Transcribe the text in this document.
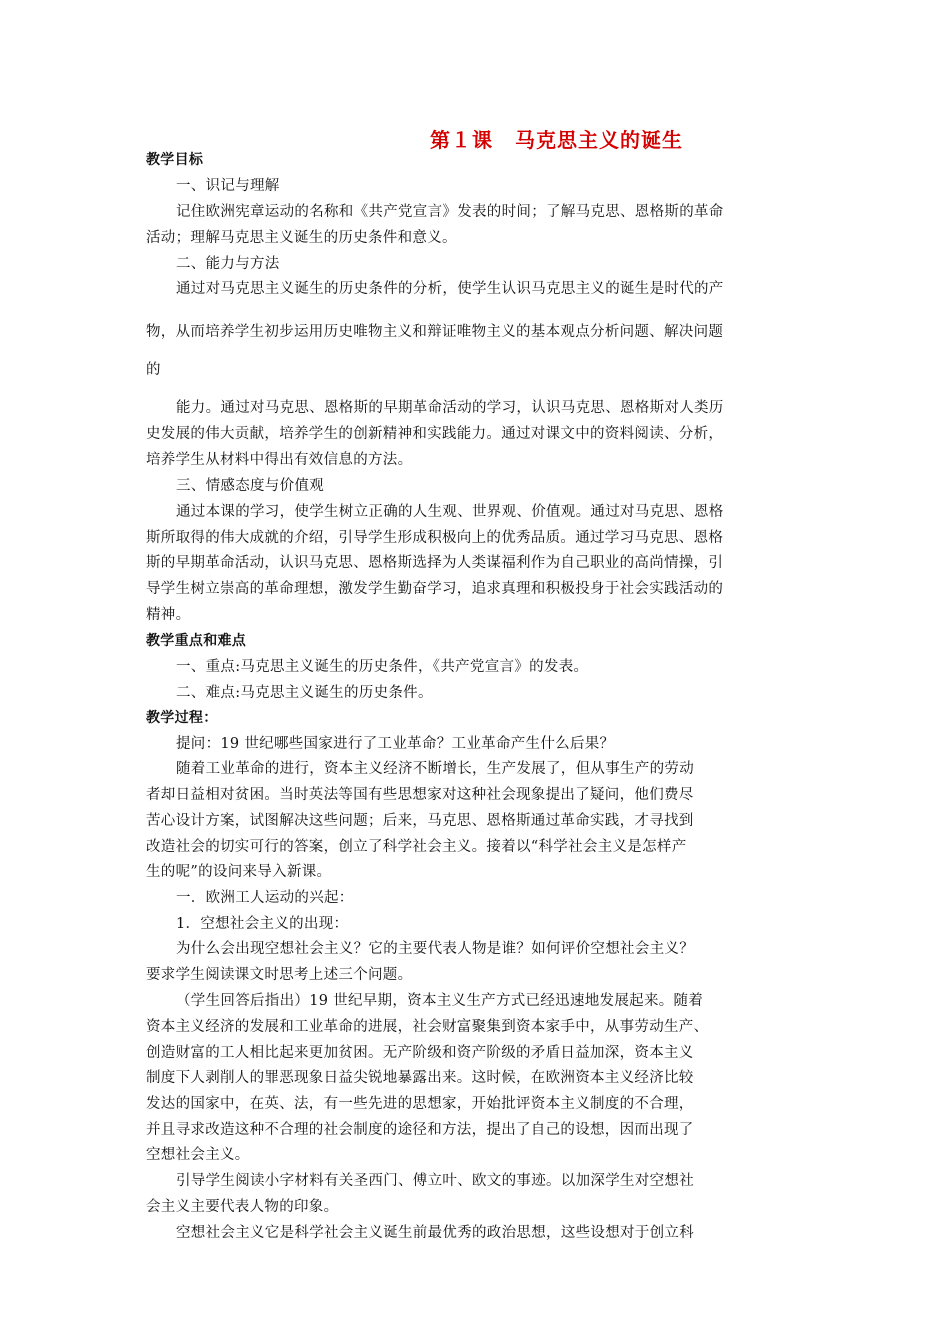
第１课 马克思主义的诞生
教学目标
一、识记与理解
记住欧洲宪章运动的名称和《共产党宣言》发表的时间；了解马克思、恩格斯的革命
活动；理解马克思主义诞生的历史条件和意义。
二、能力与方法
通过对马克思主义诞生的历史条件的分析，使学生认识马克思主义的诞生是时代的产
物，从而培养学生初步运用历史唯物主义和辩证唯物主义的基本观点分析问题、解决问题
的
能力。通过对马克思、恩格斯的早期革命活动的学习，认识马克思、恩格斯对人类历
史发展的伟大贡献，培养学生的创新精神和实践能力。通过对课文中的资料阅读、分析，
培养学生从材料中得出有效信息的方法。
三、情感态度与价值观
通过本课的学习，使学生树立正确的人生观、世界观、价值观。通过对马克思、恩格
斯所取得的伟大成就的介绍，引导学生形成积极向上的优秀品质。通过学习马克思、恩格
斯的早期革命活动，认识马克思、恩格斯选择为人类谋福利作为自己职业的高尚情操，引
导学生树立崇高的革命理想，激发学生勤奋学习，追求真理和积极投身于社会实践活动的
精神。
教学重点和难点
一、重点:马克思主义诞生的历史条件，《共产党宣言》的发表。
二、难点:马克思主义诞生的历史条件。
教学过程：
提问：19 世纪哪些国家进行了工业革命？工业革命产生什么后果？
随着工业革命的进行，资本主义经济不断增长，生产发展了，但从事生产的劳动
者却日益相对贫困。当时英法等国有些思想家对这种社会现象提出了疑问，他们费尽
苦心设计方案，试图解决这些问题；后来，马克思、恩格斯通过革命实践，才寻找到
改造社会的切实可行的答案，创立了科学社会主义。接着以“科学社会主义是怎样产
生的呢”的设问来导入新课。
一．欧洲工人运动的兴起：
1．空想社会主义的出现：
为什么会出现空想社会主义？它的主要代表人物是谁？如何评价空想社会主义？
要求学生阅读课文时思考上述三个问题。
（学生回答后指出）19 世纪早期，资本主义生产方式已经迅速地发展起来。随着
资本主义经济的发展和工业革命的进展，社会财富聚集到资本家手中，从事劳动生产、
创造财富的工人相比起来更加贫困。无产阶级和资产阶级的矛盾日益加深，资本主义
制度下人剥削人的罪恶现象日益尖锐地暴露出来。这时候，在欧洲资本主义经济比较
发达的国家中，在英、法，有一些先进的思想家，开始批评资本主义制度的不合理，
并且寻求改造这种不合理的社会制度的途径和方法，提出了自己的设想，因而出现了
空想社会主义。
引导学生阅读小字材料有关圣西门、傅立叶、欧文的事迹。以加深学生对空想社
会主义主要代表人物的印象。
空想社会主义它是科学社会主义诞生前最优秀的政治思想，这些设想对于创立科
